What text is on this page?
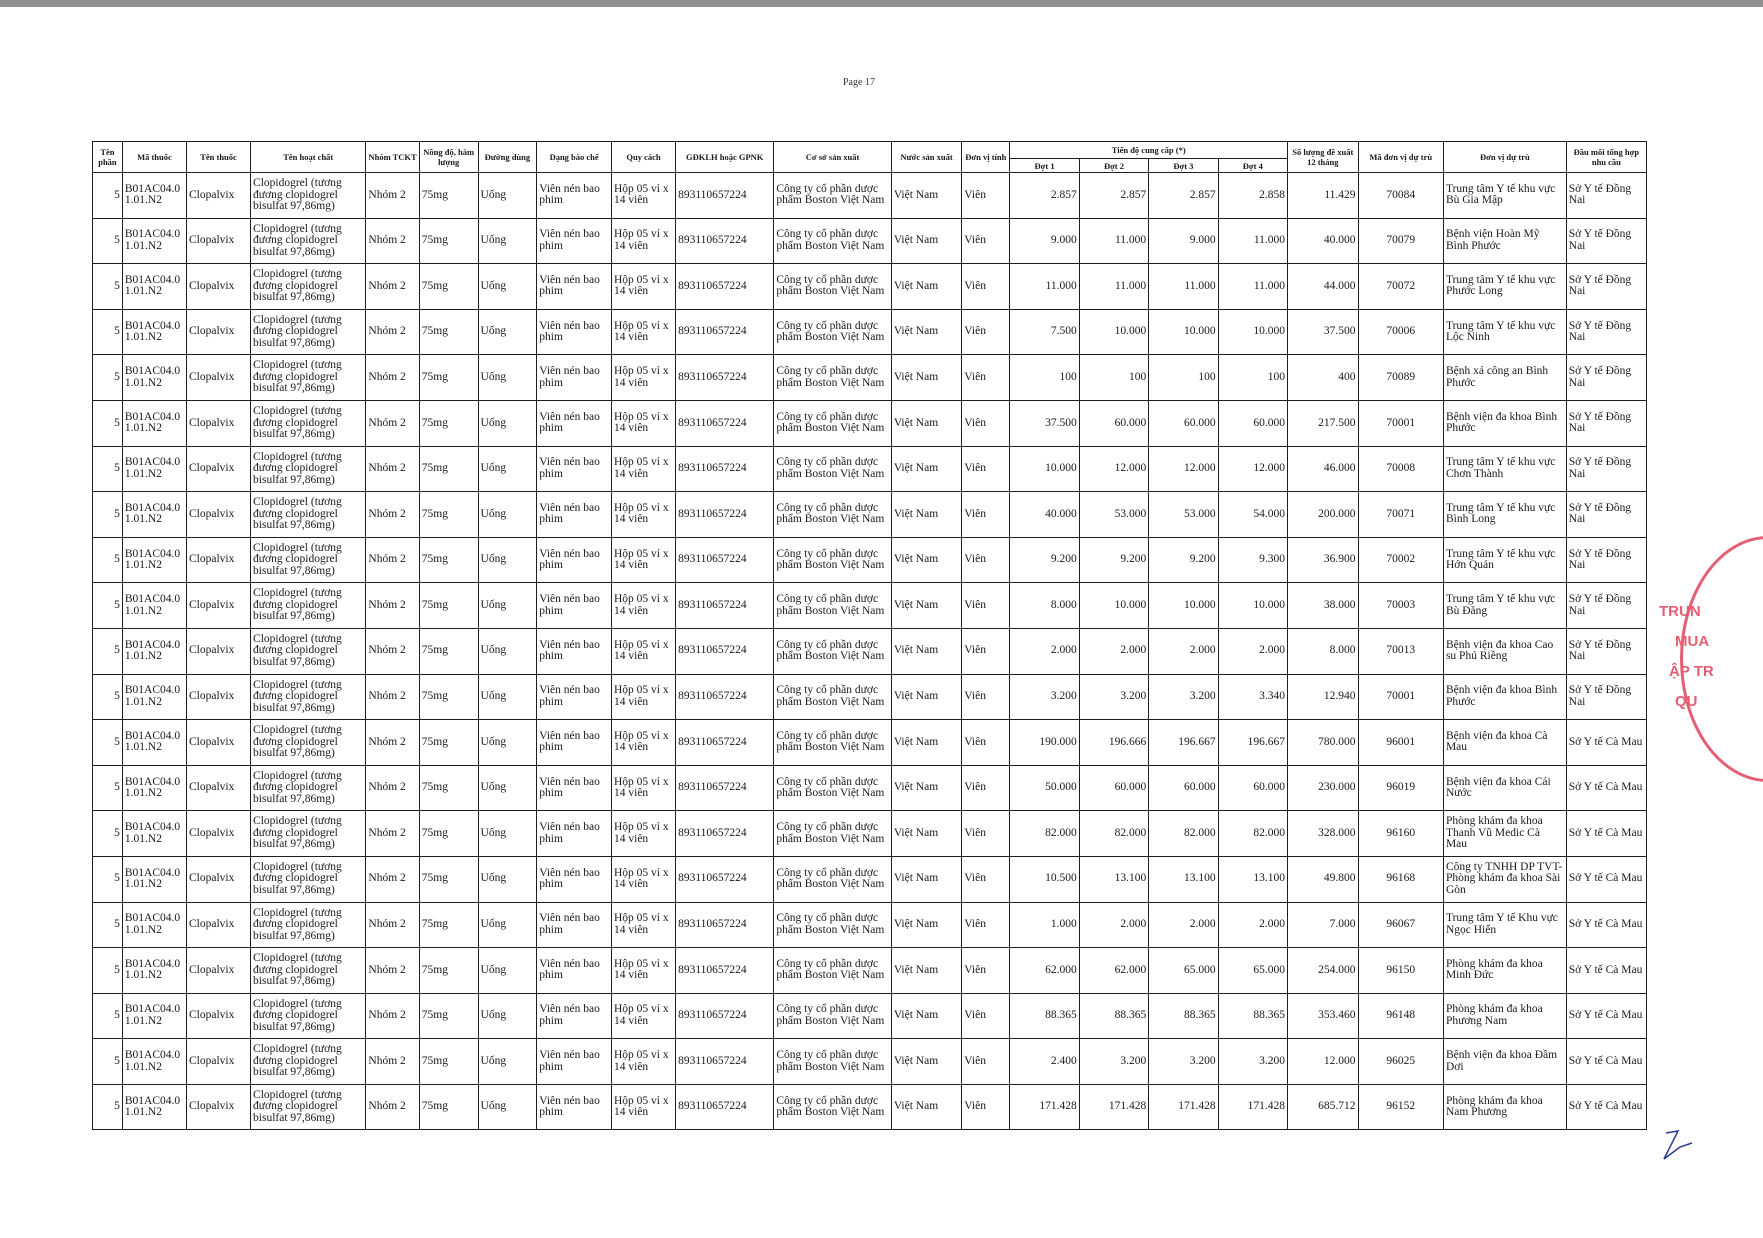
Page 17
Tên phần	Mã thuốc	Tên thuốc	Tên hoạt chất	Nhóm TCKT	Nồng độ, hàm lượng	Đường dùng	Dạng bào chế	Quy cách	GĐKLH hoặc GPNK	Cơ sở sản xuất	Nước sản xuất	Đơn vị tính	Tiến độ cung cấp (*)				Số lượng đề xuất 12 tháng	Mã đơn vị dự trù	Đơn vị dự trù	Đầu mối tổng hợp nhu cầu
													Đợt 1	Đợt 2	Đợt 3	Đợt 4				
5	B01AC04.0 1.01.N2	Clopalvix	Clopidogrel (tương đương clopidogrel bisulfat 97,86mg)	Nhóm 2	75mg	Uống	Viên nén bao phim	Hộp 05 vỉ x 14 viên	893110657224	Công ty cổ phần dược phẩm Boston Việt Nam	Việt Nam	Viên	2.857	2.857	2.857	2.858	11.429	70084	Trung tâm Y tế khu vực Bù Gia Mập	Sở Y tế Đồng Nai
5	B01AC04.0 1.01.N2	Clopalvix	Clopidogrel (tương đương clopidogrel bisulfat 97,86mg)	Nhóm 2	75mg	Uống	Viên nén bao phim	Hộp 05 vỉ x 14 viên	893110657224	Công ty cổ phần dược phẩm Boston Việt Nam	Việt Nam	Viên	9.000	11.000	9.000	11.000	40.000	70079	Bệnh viện Hoàn Mỹ Bình Phước	Sở Y tế Đồng Nai
5	B01AC04.0 1.01.N2	Clopalvix	Clopidogrel (tương đương clopidogrel bisulfat 97,86mg)	Nhóm 2	75mg	Uống	Viên nén bao phim	Hộp 05 vỉ x 14 viên	893110657224	Công ty cổ phần dược phẩm Boston Việt Nam	Việt Nam	Viên	11.000	11.000	11.000	11.000	44.000	70072	Trung tâm Y tế khu vực Phước Long	Sở Y tế Đồng Nai
5	B01AC04.0 1.01.N2	Clopalvix	Clopidogrel (tương đương clopidogrel bisulfat 97,86mg)	Nhóm 2	75mg	Uống	Viên nén bao phim	Hộp 05 vỉ x 14 viên	893110657224	Công ty cổ phần dược phẩm Boston Việt Nam	Việt Nam	Viên	7.500	10.000	10.000	10.000	37.500	70006	Trung tâm Y tế khu vực Lộc Ninh	Sở Y tế Đồng Nai
5	B01AC04.0 1.01.N2	Clopalvix	Clopidogrel (tương đương clopidogrel bisulfat 97,86mg)	Nhóm 2	75mg	Uống	Viên nén bao phim	Hộp 05 vỉ x 14 viên	893110657224	Công ty cổ phần dược phẩm Boston Việt Nam	Việt Nam	Viên	100	100	100	100	400	70089	Bệnh xá công an Bình Phước	Sở Y tế Đồng Nai
5	B01AC04.0 1.01.N2	Clopalvix	Clopidogrel (tương đương clopidogrel bisulfat 97,86mg)	Nhóm 2	75mg	Uống	Viên nén bao phim	Hộp 05 vỉ x 14 viên	893110657224	Công ty cổ phần dược phẩm Boston Việt Nam	Việt Nam	Viên	37.500	60.000	60.000	60.000	217.500	70001	Bệnh viện đa khoa Bình Phước	Sở Y tế Đồng Nai
5	B01AC04.0 1.01.N2	Clopalvix	Clopidogrel (tương đương clopidogrel bisulfat 97,86mg)	Nhóm 2	75mg	Uống	Viên nén bao phim	Hộp 05 vỉ x 14 viên	893110657224	Công ty cổ phần dược phẩm Boston Việt Nam	Việt Nam	Viên	10.000	12.000	12.000	12.000	46.000	70008	Trung tâm Y tế khu vực Chơn Thành	Sở Y tế Đồng Nai
5	B01AC04.0 1.01.N2	Clopalvix	Clopidogrel (tương đương clopidogrel bisulfat 97,86mg)	Nhóm 2	75mg	Uống	Viên nén bao phim	Hộp 05 vỉ x 14 viên	893110657224	Công ty cổ phần dược phẩm Boston Việt Nam	Việt Nam	Viên	40.000	53.000	53.000	54.000	200.000	70071	Trung tâm Y tế khu vực Bình Long	Sở Y tế Đồng Nai
5	B01AC04.0 1.01.N2	Clopalvix	Clopidogrel (tương đương clopidogrel bisulfat 97,86mg)	Nhóm 2	75mg	Uống	Viên nén bao phim	Hộp 05 vỉ x 14 viên	893110657224	Công ty cổ phần dược phẩm Boston Việt Nam	Việt Nam	Viên	9.200	9.200	9.200	9.300	36.900	70002	Trung tâm Y tế khu vực Hớn Quản	Sở Y tế Đồng Nai
5	B01AC04.0 1.01.N2	Clopalvix	Clopidogrel (tương đương clopidogrel bisulfat 97,86mg)	Nhóm 2	75mg	Uống	Viên nén bao phim	Hộp 05 vỉ x 14 viên	893110657224	Công ty cổ phần dược phẩm Boston Việt Nam	Việt Nam	Viên	8.000	10.000	10.000	10.000	38.000	70003	Trung tâm Y tế khu vực Bù Đăng	Sở Y tế Đồng Nai
5	B01AC04.0 1.01.N2	Clopalvix	Clopidogrel (tương đương clopidogrel bisulfat 97,86mg)	Nhóm 2	75mg	Uống	Viên nén bao phim	Hộp 05 vỉ x 14 viên	893110657224	Công ty cổ phần dược phẩm Boston Việt Nam	Việt Nam	Viên	2.000	2.000	2.000	2.000	8.000	70013	Bệnh viện đa khoa Cao su Phú Riềng	Sở Y tế Đồng Nai
5	B01AC04.0 1.01.N2	Clopalvix	Clopidogrel (tương đương clopidogrel bisulfat 97,86mg)	Nhóm 2	75mg	Uống	Viên nén bao phim	Hộp 05 vỉ x 14 viên	893110657224	Công ty cổ phần dược phẩm Boston Việt Nam	Việt Nam	Viên	3.200	3.200	3.200	3.340	12.940	70001	Bệnh viện đa khoa Bình Phước	Sở Y tế Đồng Nai
5	B01AC04.0 1.01.N2	Clopalvix	Clopidogrel (tương đương clopidogrel bisulfat 97,86mg)	Nhóm 2	75mg	Uống	Viên nén bao phim	Hộp 05 vỉ x 14 viên	893110657224	Công ty cổ phần dược phẩm Boston Việt Nam	Việt Nam	Viên	190.000	196.666	196.667	196.667	780.000	96001	Bệnh viện đa khoa Cà Mau	Sở Y tế Cà Mau
5	B01AC04.0 1.01.N2	Clopalvix	Clopidogrel (tương đương clopidogrel bisulfat 97,86mg)	Nhóm 2	75mg	Uống	Viên nén bao phim	Hộp 05 vỉ x 14 viên	893110657224	Công ty cổ phần dược phẩm Boston Việt Nam	Việt Nam	Viên	50.000	60.000	60.000	60.000	230.000	96019	Bệnh viện đa khoa Cái Nước	Sở Y tế Cà Mau
5	B01AC04.0 1.01.N2	Clopalvix	Clopidogrel (tương đương clopidogrel bisulfat 97,86mg)	Nhóm 2	75mg	Uống	Viên nén bao phim	Hộp 05 vỉ x 14 viên	893110657224	Công ty cổ phần dược phẩm Boston Việt Nam	Việt Nam	Viên	82.000	82.000	82.000	82.000	328.000	96160	Phòng khám đa khoa Thanh Vũ Medic Cà Mau	Sở Y tế Cà Mau
5	B01AC04.0 1.01.N2	Clopalvix	Clopidogrel (tương đương clopidogrel bisulfat 97,86mg)	Nhóm 2	75mg	Uống	Viên nén bao phim	Hộp 05 vỉ x 14 viên	893110657224	Công ty cổ phần dược phẩm Boston Việt Nam	Việt Nam	Viên	10.500	13.100	13.100	13.100	49.800	96168	Công ty TNHH DP TVT- Phòng khám đa khoa Sài Gòn	Sở Y tế Cà Mau
5	B01AC04.0 1.01.N2	Clopalvix	Clopidogrel (tương đương clopidogrel bisulfat 97,86mg)	Nhóm 2	75mg	Uống	Viên nén bao phim	Hộp 05 vỉ x 14 viên	893110657224	Công ty cổ phần dược phẩm Boston Việt Nam	Việt Nam	Viên	1.000	2.000	2.000	2.000	7.000	96067	Trung tâm Y tế Khu vực Ngọc Hiển	Sở Y tế Cà Mau
5	B01AC04.0 1.01.N2	Clopalvix	Clopidogrel (tương đương clopidogrel bisulfat 97,86mg)	Nhóm 2	75mg	Uống	Viên nén bao phim	Hộp 05 vỉ x 14 viên	893110657224	Công ty cổ phần dược phẩm Boston Việt Nam	Việt Nam	Viên	62.000	62.000	65.000	65.000	254.000	96150	Phòng khám đa khoa Minh Đức	Sở Y tế Cà Mau
5	B01AC04.0 1.01.N2	Clopalvix	Clopidogrel (tương đương clopidogrel bisulfat 97,86mg)	Nhóm 2	75mg	Uống	Viên nén bao phim	Hộp 05 vỉ x 14 viên	893110657224	Công ty cổ phần dược phẩm Boston Việt Nam	Việt Nam	Viên	88.365	88.365	88.365	88.365	353.460	96148	Phòng khám đa khoa Phương Nam	Sở Y tế Cà Mau
5	B01AC04.0 1.01.N2	Clopalvix	Clopidogrel (tương đương clopidogrel bisulfat 97,86mg)	Nhóm 2	75mg	Uống	Viên nén bao phim	Hộp 05 vỉ x 14 viên	893110657224	Công ty cổ phần dược phẩm Boston Việt Nam	Việt Nam	Viên	2.400	3.200	3.200	3.200	12.000	96025	Bệnh viện đa khoa Đầm Dơi	Sở Y tế Cà Mau
5	B01AC04.0 1.01.N2	Clopalvix	Clopidogrel (tương đương clopidogrel bisulfat 97,86mg)	Nhóm 2	75mg	Uống	Viên nén bao phim	Hộp 05 vỉ x 14 viên	893110657224	Công ty cổ phần dược phẩm Boston Việt Nam	Việt Nam	Viên	171.428	171.428	171.428	171.428	685.712	96152	Phòng khám đa khoa Nam Phương	Sở Y tế Cà Mau
TRUN
MUA
ẬP TR
QU
